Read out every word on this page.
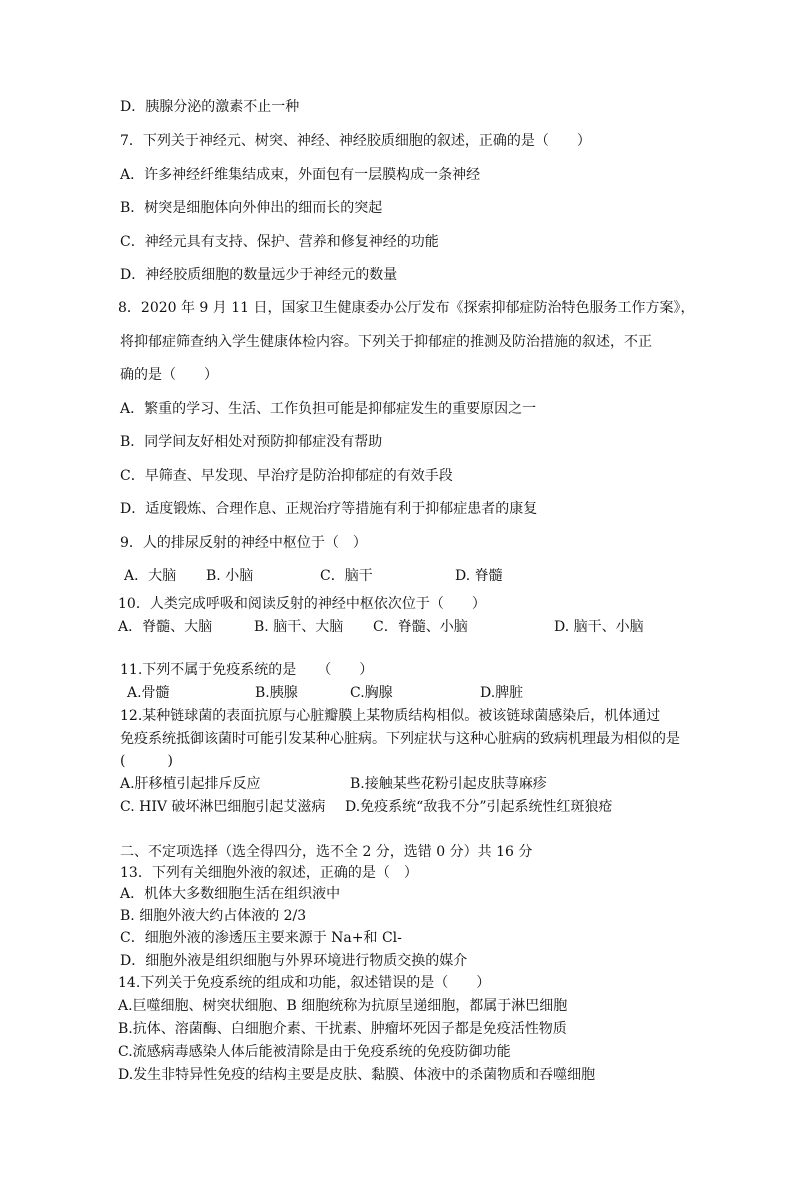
D．胰腺分泌的激素不止一种
7．下列关于神经元、树突、神经、神经胶质细胞的叙述，正确的是（　　）
A．许多神经纤维集结成束，外面包有一层膜构成一条神经
B．树突是细胞体向外伸出的细而长的突起
C．神经元具有支持、保护、营养和修复神经的功能
D．神经胶质细胞的数量远少于神经元的数量
8．2020 年 9 月 11 日，国家卫生健康委办公厅发布《探索抑郁症防治特色服务工作方案》，
将抑郁症筛查纳入学生健康体检内容。下列关于抑郁症的推测及防治措施的叙述，不正
确的是（　　）
A．繁重的学习、生活、工作负担可能是抑郁症发生的重要原因之一
B．同学间友好相处对预防抑郁症没有帮助
C．早筛查、早发现、早治疗是防治抑郁症的有效手段
D．适度锻炼、合理作息、正规治疗等措施有利于抑郁症患者的康复
9．人的排尿反射的神经中枢位于（　）
A．大脑 B. 小脑	C．脑干	D. 脊髓
10．人类完成呼吸和阅读反射的神经中枢依次位于（　　）
A．脊髓、大脑	B. 脑干、大脑 C．脊髓、小脑	D. 脑干、小脑
11.下列不属于免疫系统的是　　（　　）
A.骨髓	B.胰腺	C.胸腺	D.脾脏
12.某种链球菌的表面抗原与心脏瓣膜上某物质结构相似。被该链球菌感染后，机体通过
免疫系统抵御该菌时可能引发某种心脏病。下列症状与这种心脏病的致病机理最为相似的是
(　　　)
A.肝移植引起排斥反应	B.接触某些花粉引起皮肤荨麻疹
C. HIV 破坏淋巴细胞引起艾滋病 D.免疫系统“敌我不分”引起系统性红斑狼疮
二、不定项选择（选全得四分，选不全 2 分，选错 0 分）共 16 分
13．下列有关细胞外液的叙述，正确的是（　）
A．机体大多数细胞生活在组织液中
B. 细胞外液大约占体液的 2/3
C．细胞外液的渗透压主要来源于 Na+和 Cl-
D．细胞外液是组织细胞与外界环境进行物质交换的媒介
14.下列关于免疫系统的组成和功能，叙述错误的是（　　）
A.巨噬细胞、树突状细胞、B 细胞统称为抗原呈递细胞，都属于淋巴细胞
B.抗体、溶菌酶、白细胞介素、干扰素、肿瘤坏死因子都是免疫活性物质
C.流感病毒感染人体后能被清除是由于免疫系统的免疫防御功能
D.发生非特异性免疫的结构主要是皮肤、黏膜、体液中的杀菌物质和吞噬细胞
